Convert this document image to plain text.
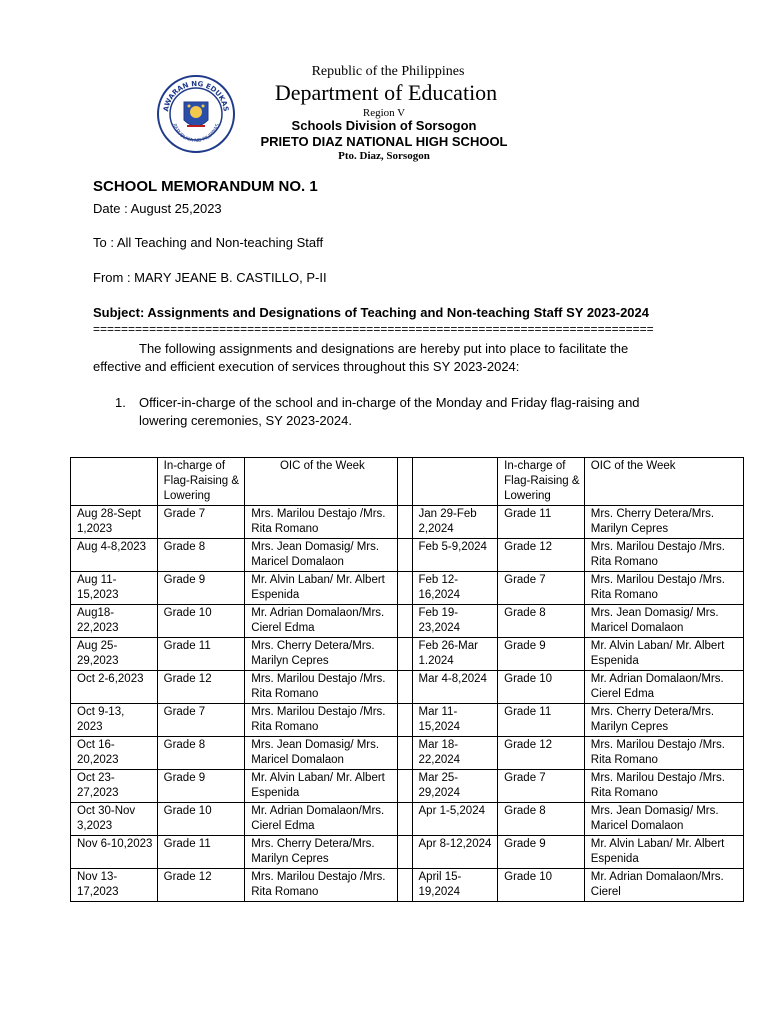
AWARAN NG EDUKAS
REPUBLIKA NG PILIPINAS
Republic of the Philippines
Department of Education
Region V
Schools Division of Sorsogon
PRIETO DIAZ NATIONAL HIGH SCHOOL
Pto. Diaz, Sorsogon
SCHOOL MEMORANDUM NO. 1
Date : August 25,2023
To : All Teaching and Non-teaching Staff
From : MARY JEANE B. CASTILLO, P-II
Subject: Assignments and Designations of Teaching and Non-teaching Staff SY 2023-2024
================================================================================
The following assignments and designations are hereby put into place to facilitate the effective and efficient execution of services throughout this SY 2023-2024:
1. Officer-in-charge of the school and in-charge of the Monday and Friday flag-raising and lowering ceremonies, SY 2023-2024.
	In-charge of Flag-Raising & Lowering	OIC of the Week			In-charge of Flag-Raising & Lowering	OIC of the Week
Aug 28-Sept 1,2023	Grade 7	Mrs. Marilou Destajo /Mrs. Rita Romano		Jan 29-Feb 2,2024	Grade 11	Mrs. Cherry Detera/Mrs. Marilyn Cepres
Aug 4-8,2023	Grade 8	Mrs. Jean Domasig/ Mrs. Maricel Domalaon		Feb 5-9,2024	Grade 12	Mrs. Marilou Destajo /Mrs. Rita Romano
Aug 11-15,2023	Grade 9	Mr. Alvin Laban/ Mr. Albert Espenida		Feb 12-16,2024	Grade 7	Mrs. Marilou Destajo /Mrs. Rita Romano
Aug18-22,2023	Grade 10	Mr. Adrian Domalaon/Mrs. Cierel Edma		Feb 19-23,2024	Grade 8	Mrs. Jean Domasig/ Mrs. Maricel Domalaon
Aug 25-29,2023	Grade 11	Mrs. Cherry Detera/Mrs. Marilyn Cepres		Feb 26-Mar 1.2024	Grade 9	Mr. Alvin Laban/ Mr. Albert Espenida
Oct 2-6,2023	Grade 12	Mrs. Marilou Destajo /Mrs. Rita Romano		Mar 4-8,2024	Grade 10	Mr. Adrian Domalaon/Mrs. Cierel Edma
Oct 9-13, 2023	Grade 7	Mrs. Marilou Destajo /Mrs. Rita Romano		Mar 11-15,2024	Grade 11	Mrs. Cherry Detera/Mrs. Marilyn Cepres
Oct 16-20,2023	Grade 8	Mrs. Jean Domasig/ Mrs. Maricel Domalaon		Mar 18-22,2024	Grade 12	Mrs. Marilou Destajo /Mrs. Rita Romano
Oct 23-27,2023	Grade 9	Mr. Alvin Laban/ Mr. Albert Espenida		Mar 25-29,2024	Grade 7	Mrs. Marilou Destajo /Mrs. Rita Romano
Oct 30-Nov 3,2023	Grade 10	Mr. Adrian Domalaon/Mrs. Cierel Edma		Apr 1-5,2024	Grade 8	Mrs. Jean Domasig/ Mrs. Maricel Domalaon
Nov 6-10,2023	Grade 11	Mrs. Cherry Detera/Mrs. Marilyn Cepres		Apr 8-12,2024	Grade 9	Mr. Alvin Laban/ Mr. Albert Espenida
Nov 13-17,2023	Grade 12	Mrs. Marilou Destajo /Mrs. Rita Romano		April 15-19,2024	Grade 10	Mr. Adrian Domalaon/Mrs. Cierel
